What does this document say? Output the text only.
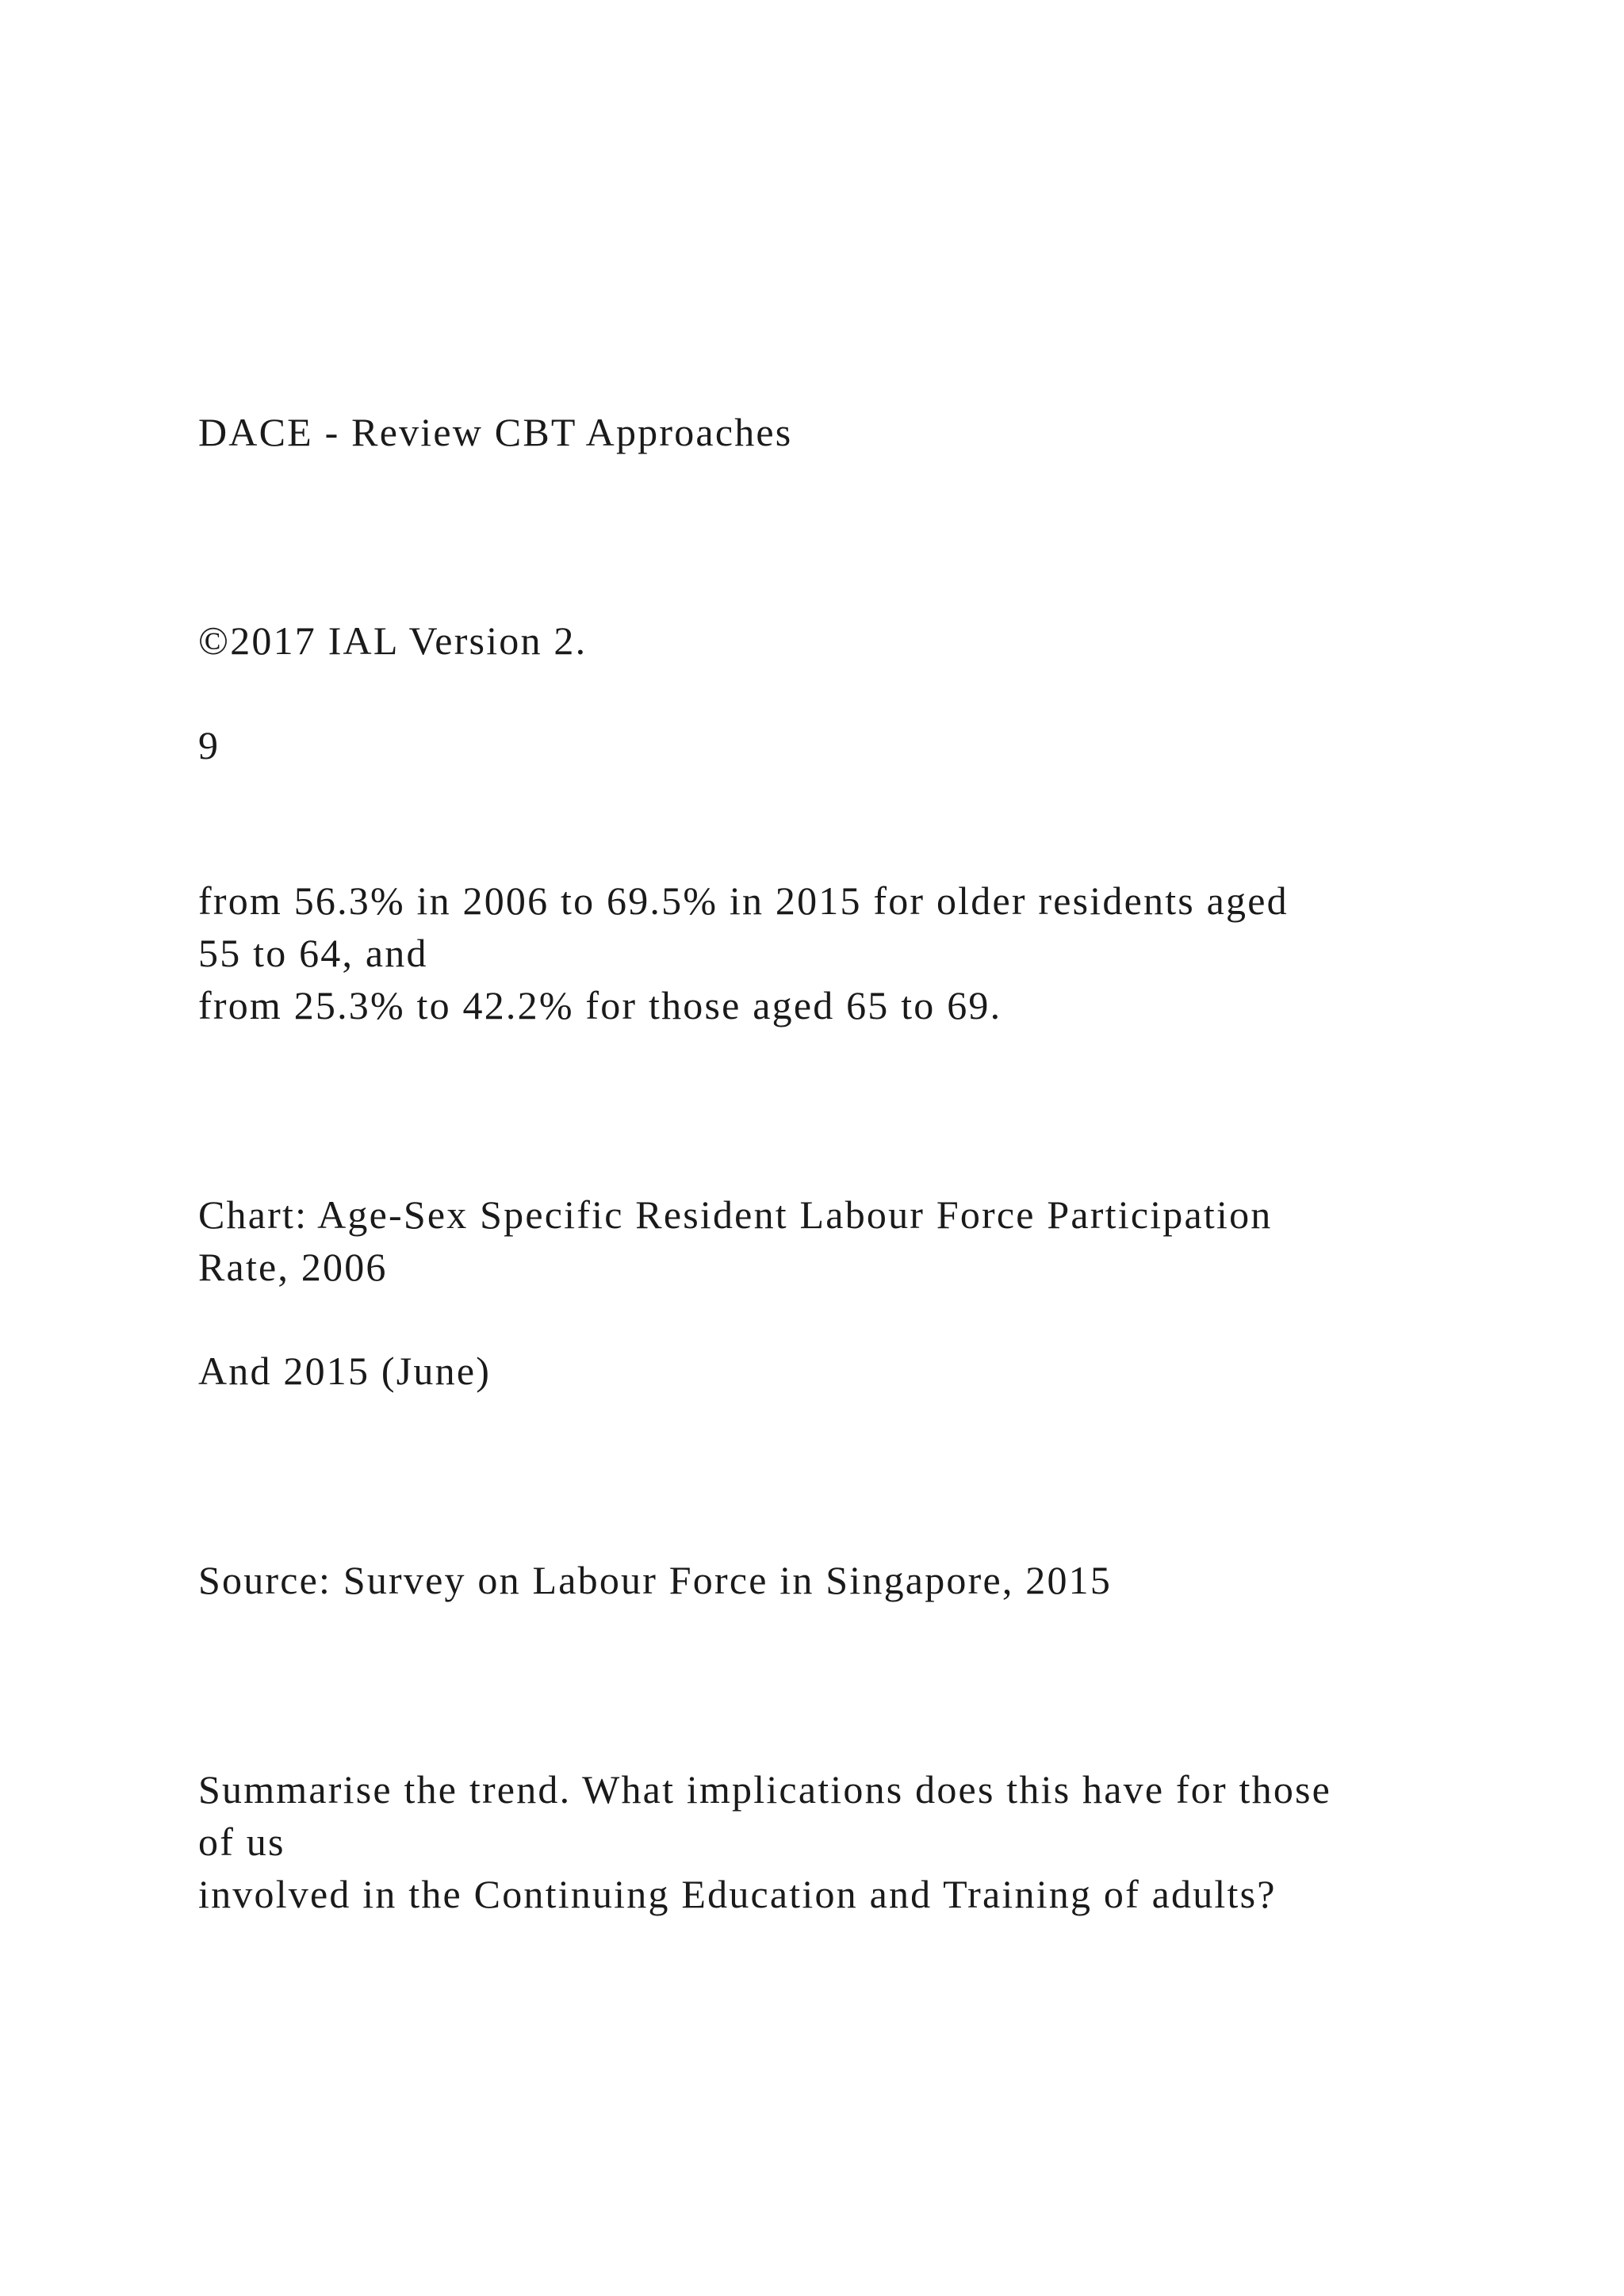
DACE - Review CBT Approaches

©2017 IAL Version 2.

9

from 56.3% in 2006 to 69.5% in 2015 for older residents aged

55 to 64, and

from 25.3% to 42.2% for those aged 65 to 69.

Chart: Age-Sex Specific Resident Labour Force Participation

Rate, 2006

And 2015 (June)

Source: Survey on Labour Force in Singapore, 2015

Summarise the trend. What implications does this have for those

of us

involved in the Continuing Education and Training of adults?
